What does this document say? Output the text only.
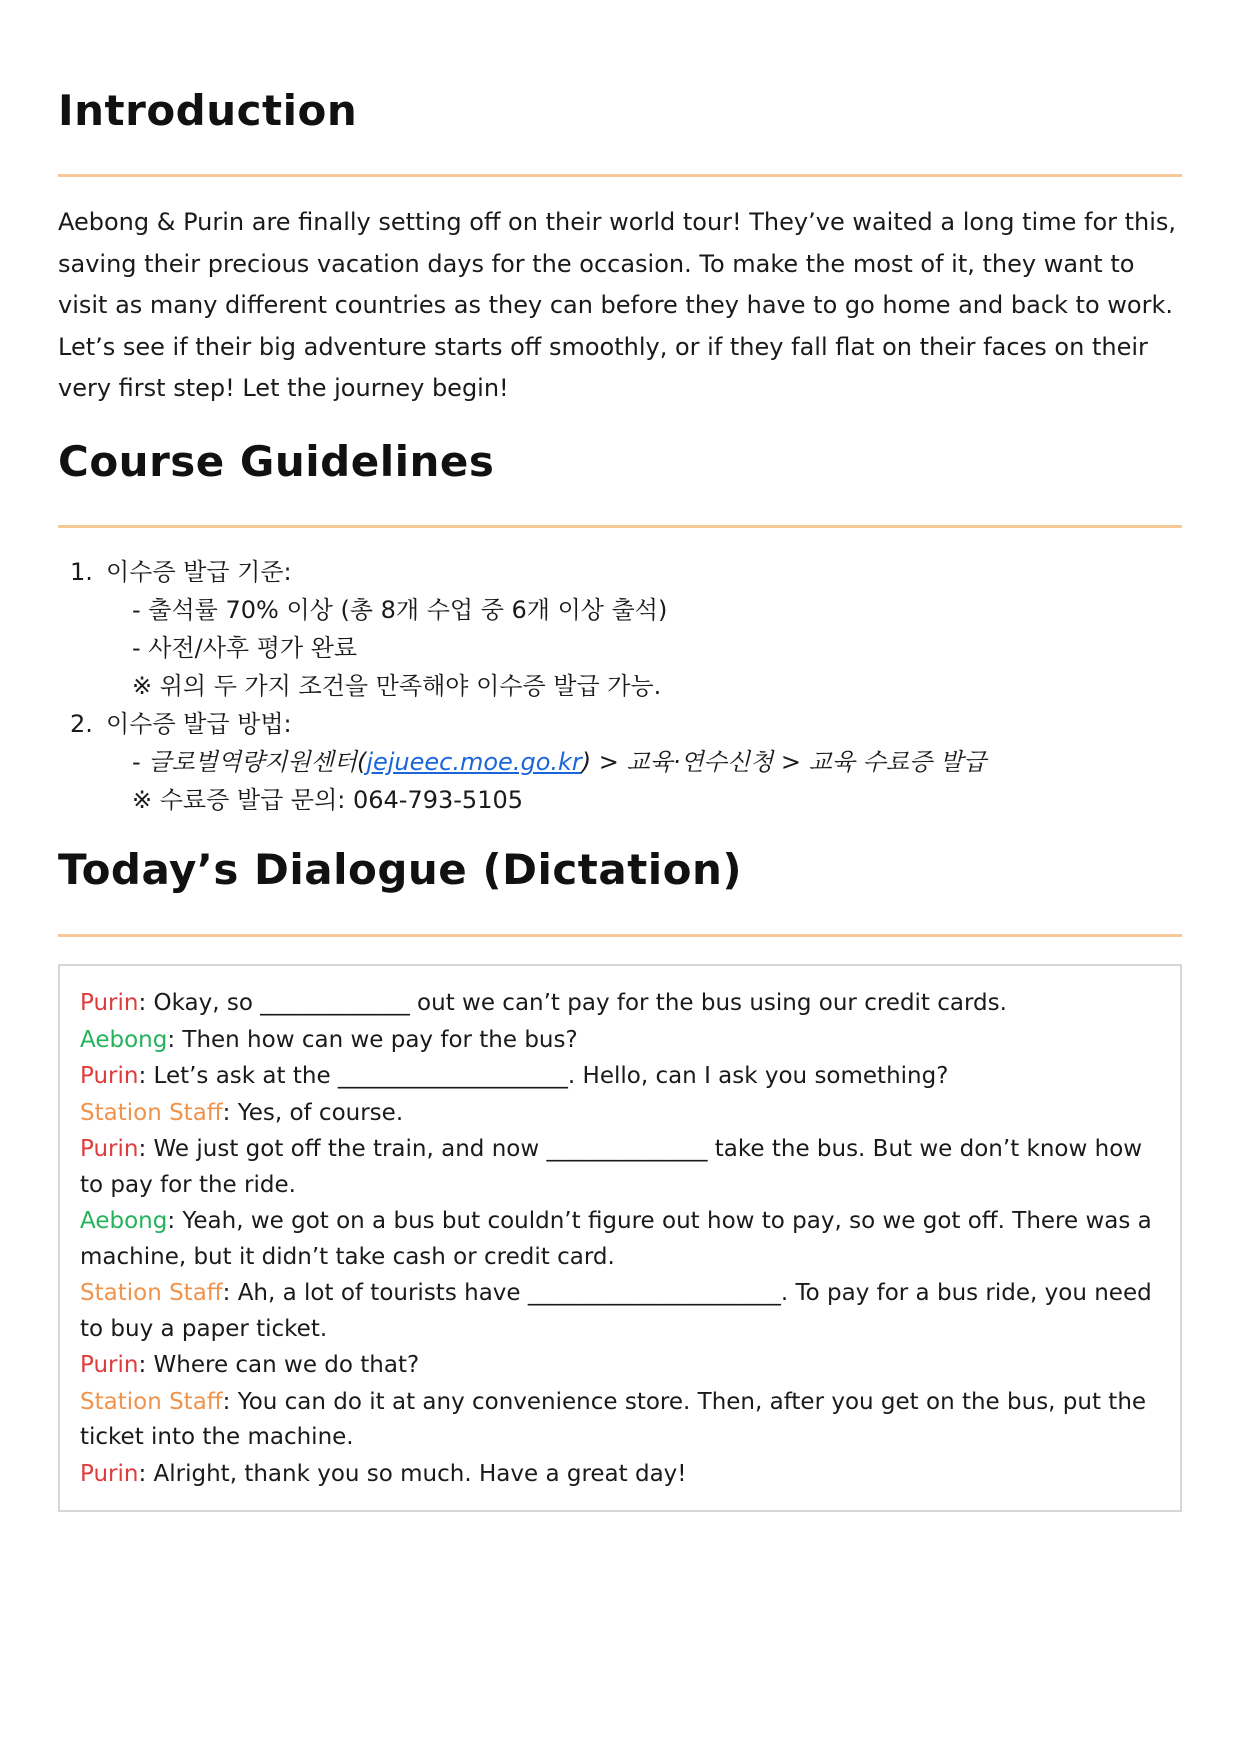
Introduction

Aebong & Purin are finally setting off on their world tour! They’ve waited a long time for this, saving their precious vacation days for the occasion. To make the most of it, they want to visit as many different countries as they can before they have to go home and back to work. Let’s see if their big adventure starts off smoothly, or if they fall flat on their faces on their very first step! Let the journey begin!

Course Guidelines
1. 이수증 발급 기준:
- 출석률 70% 이상 (총 8개 수업 중 6개 이상 출석)
- 사전/사후 평가 완료
※ 위의 두 가지 조건을 만족해야 이수증 발급 가능.
2. 이수증 발급 방법:
- 글로벌역량지원센터(jejueec.moe.go.kr) > 교육·연수신청 > 교육 수료증 발급
※ 수료증 발급 문의: 064-793-5105
Today’s Dialogue (Dictation)

Purin: Okay, so _____________ out we can’t pay for the bus using our credit cards.

Aebong: Then how can we pay for the bus?

Purin: Let’s ask at the ____________________. Hello, can I ask you something?

Station Staff: Yes, of course.

Purin: We just got off the train, and now ______________ take the bus. But we don’t know how to pay for the ride.

Aebong: Yeah, we got on a bus but couldn’t figure out how to pay, so we got off. There was a machine, but it didn’t take cash or credit card.

Station Staff: Ah, a lot of tourists have ______________________. To pay for a bus ride, you need to buy a paper ticket.

Purin: Where can we do that?

Station Staff: You can do it at any convenience store. Then, after you get on the bus, put the ticket into the machine.

Purin: Alright, thank you so much. Have a great day!
